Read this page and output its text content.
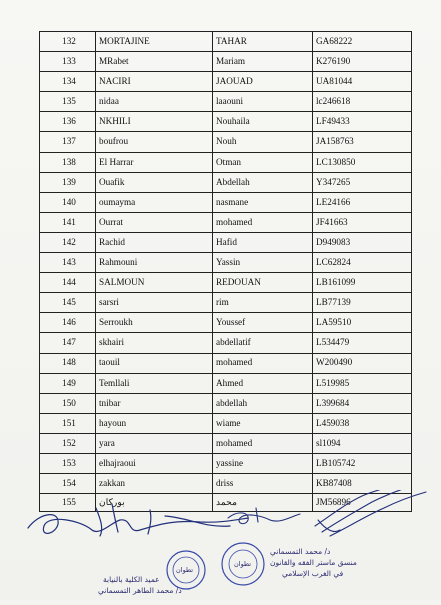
132	MORTAJINE	TAHAR	GA68222
133	MRabet	Mariam	K276190
134	NACIRI	JAOUAD	UA81044
135	nidaa	laaouni	lc246618
136	NKHILI	Nouhaila	LF49433
137	boufrou	Nouh	JA158763
138	El Harrar	Otman	LC130850
139	Ouafik	Abdellah	Y347265
140	oumayma	nasmane	LE24166
141	Ourrat	mohamed	JF41663
142	Rachid	Hafid	D949083
143	Rahmouni	Yassin	LC62824
144	SALMOUN	REDOUAN	LB161099
145	sarsri	rim	LB77139
146	Serroukh	Youssef	LA59510
147	skhairi	abdellatif	L534479
148	taouil	mohamed	W200490
149	Temllali	Ahmed	L519985
150	tnibar	abdellah	L399684
151	hayoun	wiame	L459038
152	yara	mohamed	sl1094
153	elhajraoui	yassine	LB105742
154	zakkan	driss	KB87408
155	بوركان	محمد	JM56896
عميد الكلية بالنيابة
د/ محمد الطاهر التمسماني
تطوان
تطوان
د/ محمد التمسماني
منسق ماستر الفقه والقانون
في الغرب الإسلامي
